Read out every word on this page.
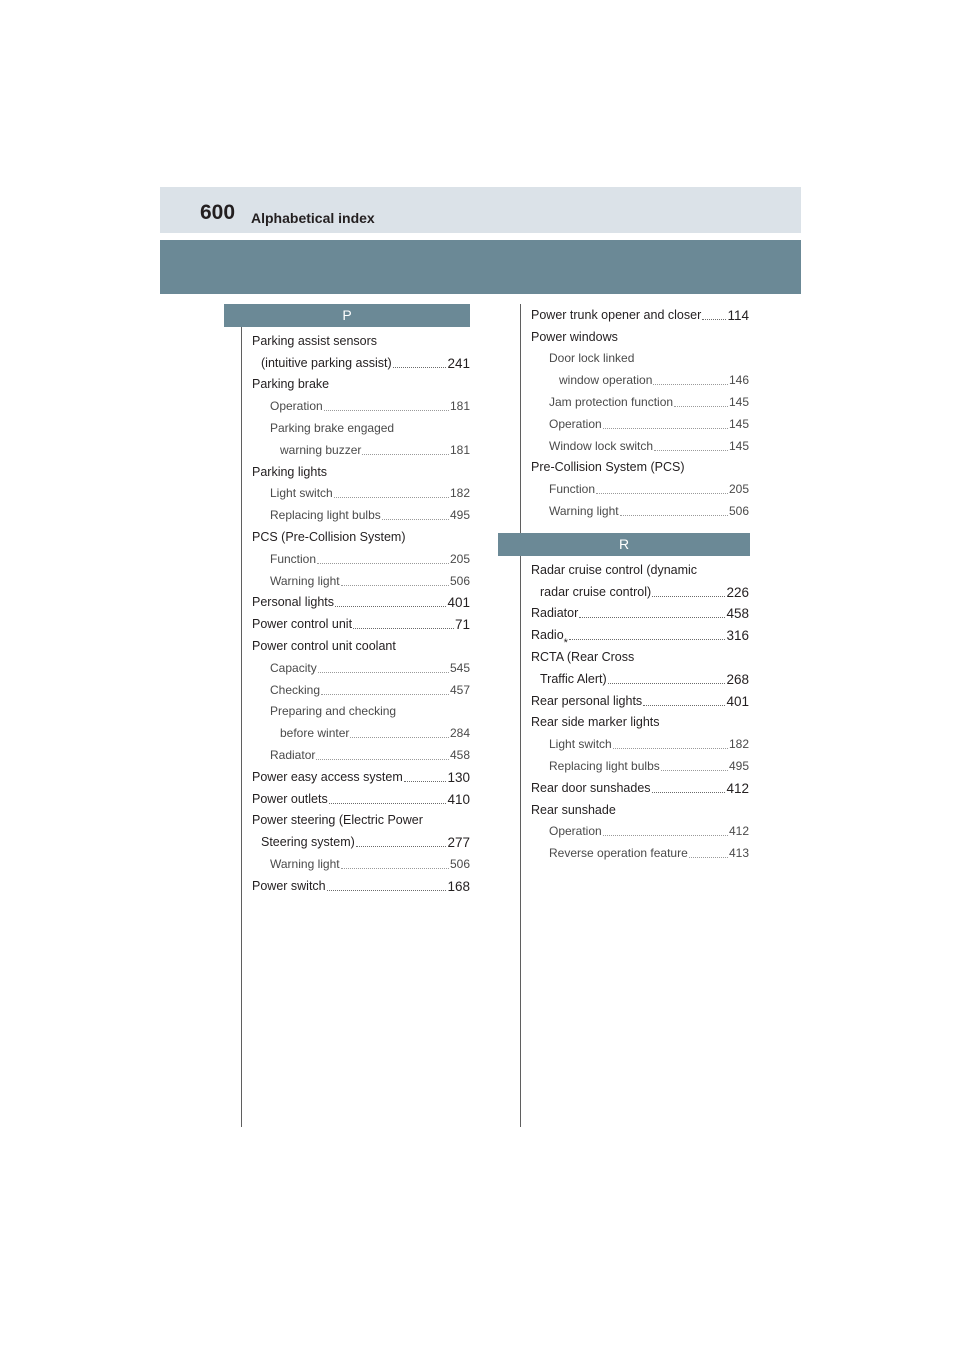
600 Alphabetical index
P
Parking assist sensors
(intuitive parking assist)	241
Parking brake
Operation	181
Parking brake engaged
warning buzzer	181
Parking lights
Light switch	182
Replacing light bulbs	495
PCS (Pre-Collision System)
Function	205
Warning light	506
Personal lights	401
Power control unit	71
Power control unit coolant
Capacity	545
Checking	457
Preparing and checking
before winter	284
Radiator	458
Power easy access system	130
Power outlets	410
Power steering (Electric Power
Steering system)	277
Warning light	506
Power switch	168
Power trunk opener and closer 114
Power windows
Door lock linked
window operation	146
Jam protection function	145
Operation	145
Window lock switch	145
Pre-Collision System (PCS)
Function	205
Warning light	506
R
Radar cruise control (dynamic
radar cruise control)	226
Radiator	458
Radio
*	316
RCTA (Rear Cross
Traffic Alert)	268
Rear personal lights	401
Rear side marker lights
Light switch	182
Replacing light bulbs	495
Rear door sunshades	412
Rear sunshade
Operation	412
Reverse operation feature	413
